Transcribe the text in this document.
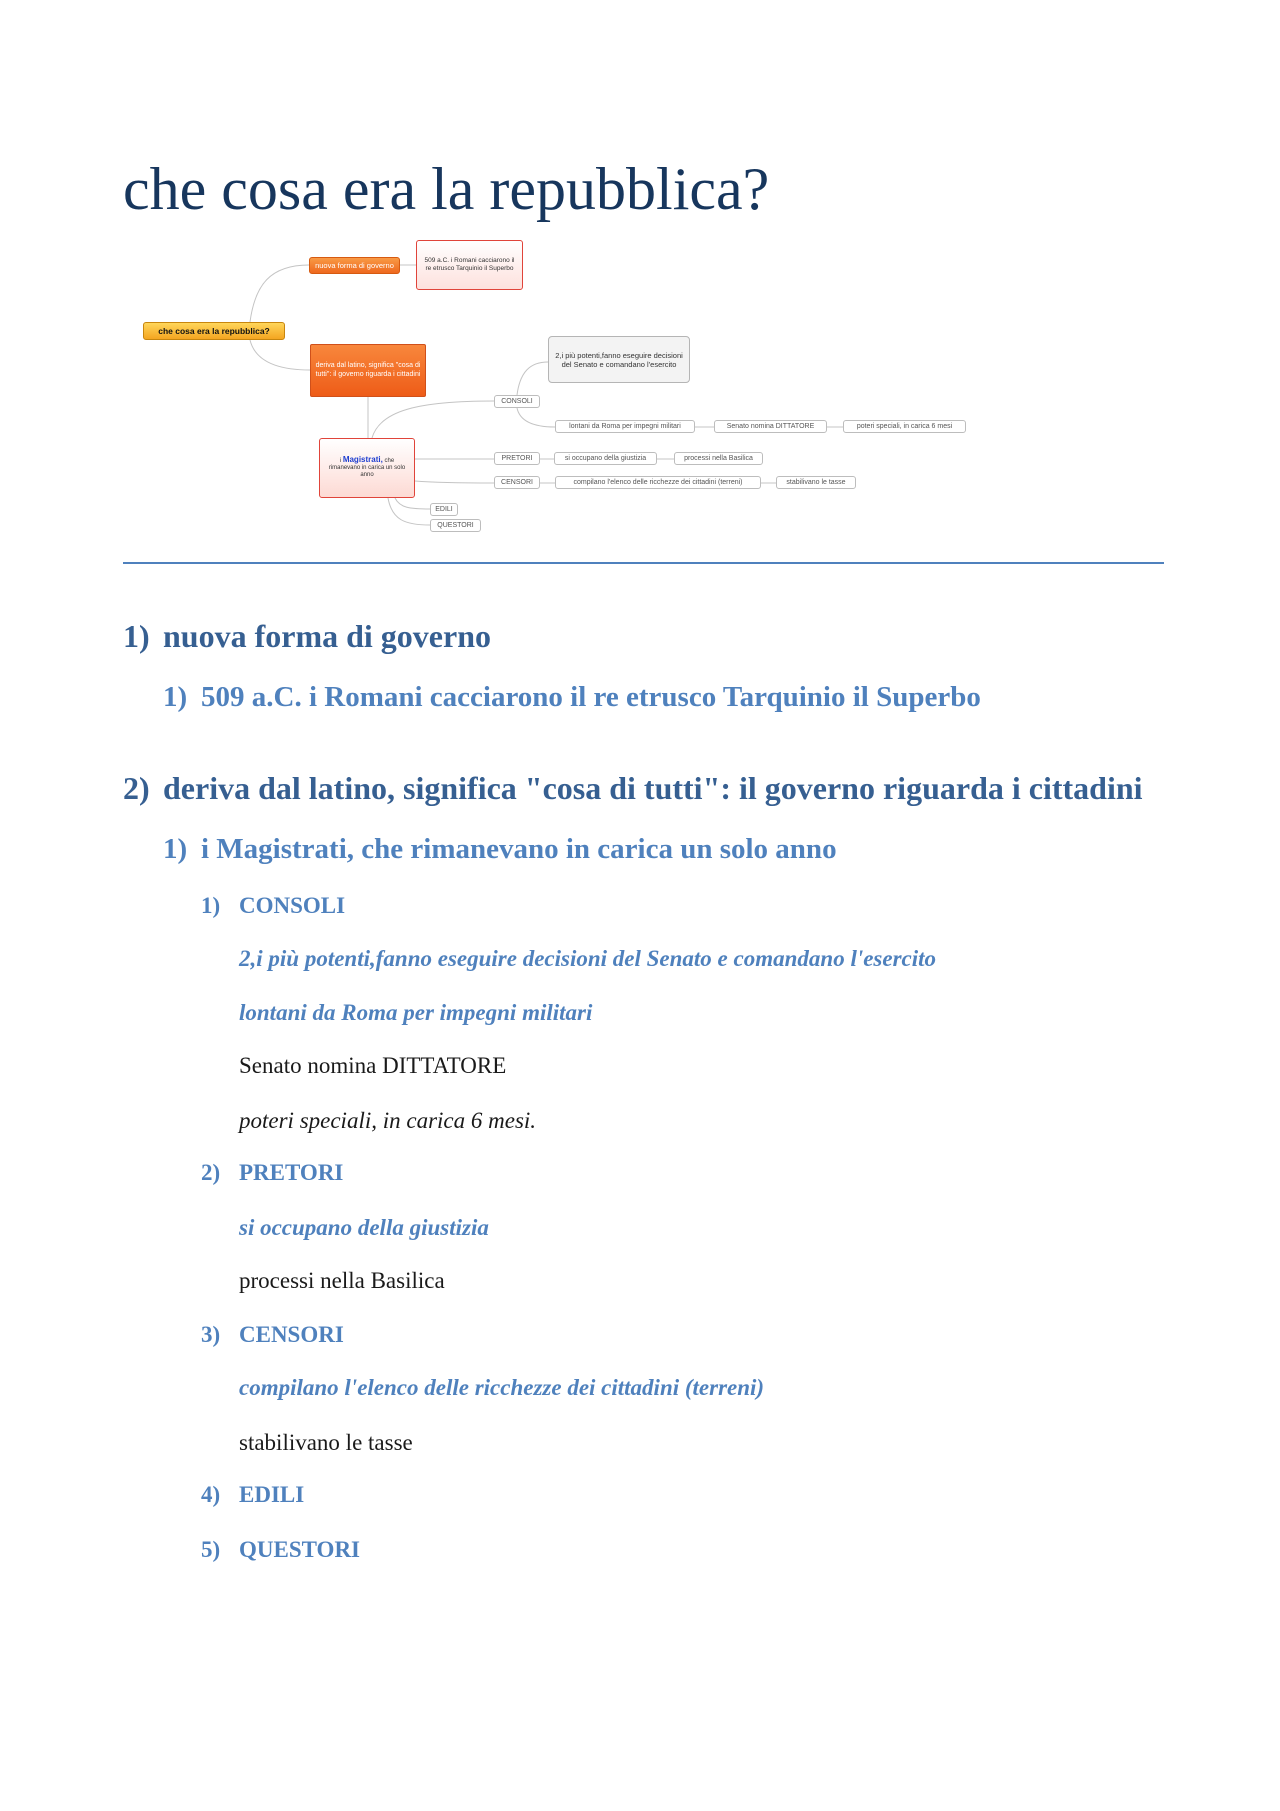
che cosa era la repubblica?
che cosa era la repubblica?
nuova forma di governo
509 a.C. i Romani cacciarono il re etrusco Tarquinio il Superbo
deriva dal latino, significa "cosa di tutti": il governo riguarda i cittadini
2,i più potenti,fanno eseguire decisioni del Senato e comandano l'esercito
i Magistrati, che rimanevano in carica un solo anno
CONSOLI
lontani da Roma per impegni militari	Senato nomina DITTATORE	poteri speciali, in carica 6 mesi
PRETORI	si occupano della giustizia	processi nella Basilica
CENSORI	compilano l'elenco delle ricchezze dei cittadini (terreni)	stabilivano le tasse
EDILI
QUESTORI
1) nuova forma di governo
1) 509 a.C. i Romani cacciarono il re etrusco Tarquinio il Superbo
2) deriva dal latino, significa "cosa di tutti": il governo riguarda i cittadini
1) i Magistrati, che rimanevano in carica un solo anno
1) CONSOLI
2,i più potenti,fanno eseguire decisioni del Senato e comandano l'esercito
lontani da Roma per impegni militari
Senato nomina DITTATORE
poteri speciali, in carica 6 mesi.
2) PRETORI
si occupano della giustizia
processi nella Basilica
3) CENSORI
compilano l'elenco delle ricchezze dei cittadini (terreni)
stabilivano le tasse
4) EDILI
5) QUESTORI
